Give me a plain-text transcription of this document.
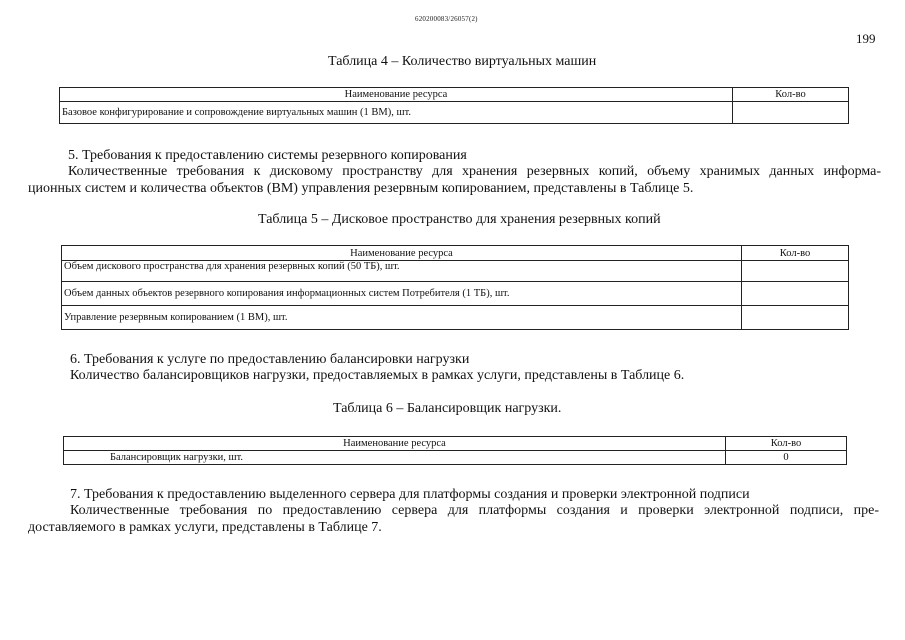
620200083/26057(2)
199
Таблица 4 – Количество виртуальных машин
Наименование ресурса	Кол-во
Базовое конфигурирование и сопровождение виртуальных машин (1 ВМ), шт.	
5. Требования к предоставлению системы резервного копирования
Количественные требования к дисковому пространству для хранения резервных копий, объему хранимых данных информа-
ционных систем и количества объектов (ВМ) управления резервным копированием, представлены в Таблице 5.
Таблица 5 – Дисковое пространство для хранения резервных копий
Наименование ресурса	Кол-во
Объем дискового пространства для хранения резервных копий (50 ТБ), шт.	
Объем данных объектов резервного копирования информационных систем Потребителя (1 ТБ), шт.	
Управление резервным копированием (1 ВМ), шт.	
6. Требования к услуге по предоставлению балансировки нагрузки
Количество балансировщиков нагрузки, предоставляемых в рамках услуги, представлены в Таблице 6.
Таблица 6 – Балансировщик нагрузки.
Наименование ресурса	Кол-во
Балансировщик нагрузки, шт.	0
7. Требования к предоставлению выделенного сервера для платформы создания и проверки электронной подписи
Количественные требования по предоставлению сервера для платформы создания и проверки электронной подписи, пре-
доставляемого в рамках услуги, представлены в Таблице 7.
